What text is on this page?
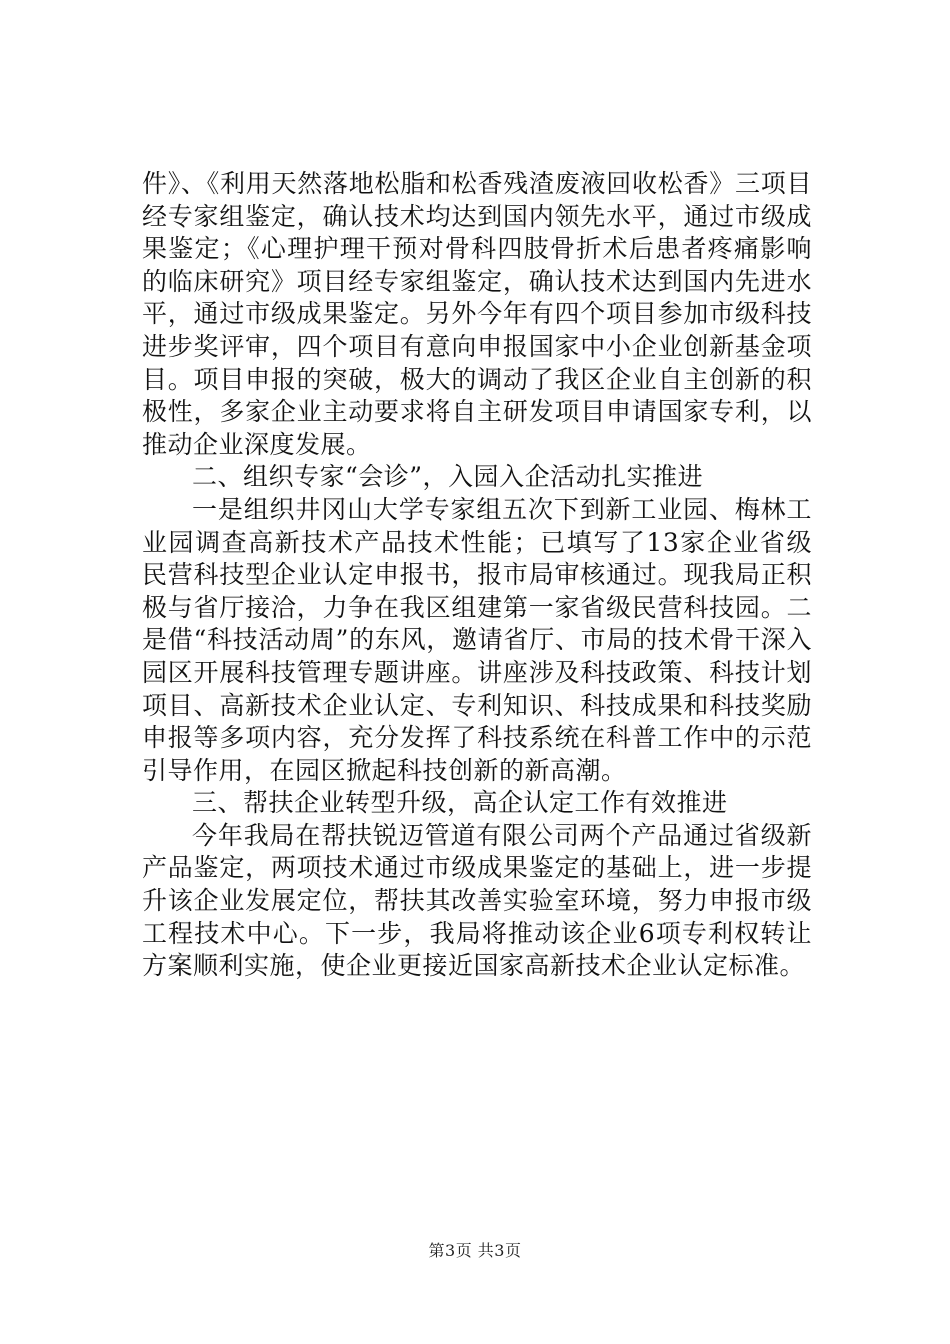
件》、《利用天然落地松脂和松香残渣废液回收松香》三项目经专家组鉴定，确认技术均达到国内领先水平，通过市级成果鉴定；《心理护理干预对骨科四肢骨折术后患者疼痛影响的临床研究》项目经专家组鉴定，确认技术达到国内先进水平，通过市级成果鉴定。另外今年有四个项目参加市级科技进步奖评审，四个项目有意向申报国家中小企业创新基金项目。项目申报的突破，极大的调动了我区企业自主创新的积极性，多家企业主动要求将自主研发项目申请国家专利，以推动企业深度发展。

二、组织专家“会诊”，入园入企活动扎实推进

一是组织井冈山大学专家组五次下到新工业园、梅林工业园调查高新技术产品技术性能；已填写了13家企业省级民营科技型企业认定申报书，报市局审核通过。现我局正积极与省厅接洽，力争在我区组建第一家省级民营科技园。二是借“科技活动周”的东风，邀请省厅、市局的技术骨干深入园区开展科技管理专题讲座。讲座涉及科技政策、科技计划项目、高新技术企业认定、专利知识、科技成果和科技奖励申报等多项内容，充分发挥了科技系统在科普工作中的示范引导作用，在园区掀起科技创新的新高潮。

三、帮扶企业转型升级，高企认定工作有效推进

今年我局在帮扶锐迈管道有限公司两个产品通过省级新产品鉴定，两项技术通过市级成果鉴定的基础上，进一步提升该企业发展定位，帮扶其改善实验室环境，努力申报市级工程技术中心。下一步，我局将推动该企业6项专利权转让方案顺利实施，使企业更接近国家高新技术企业认定标准。

第3页 共3页
